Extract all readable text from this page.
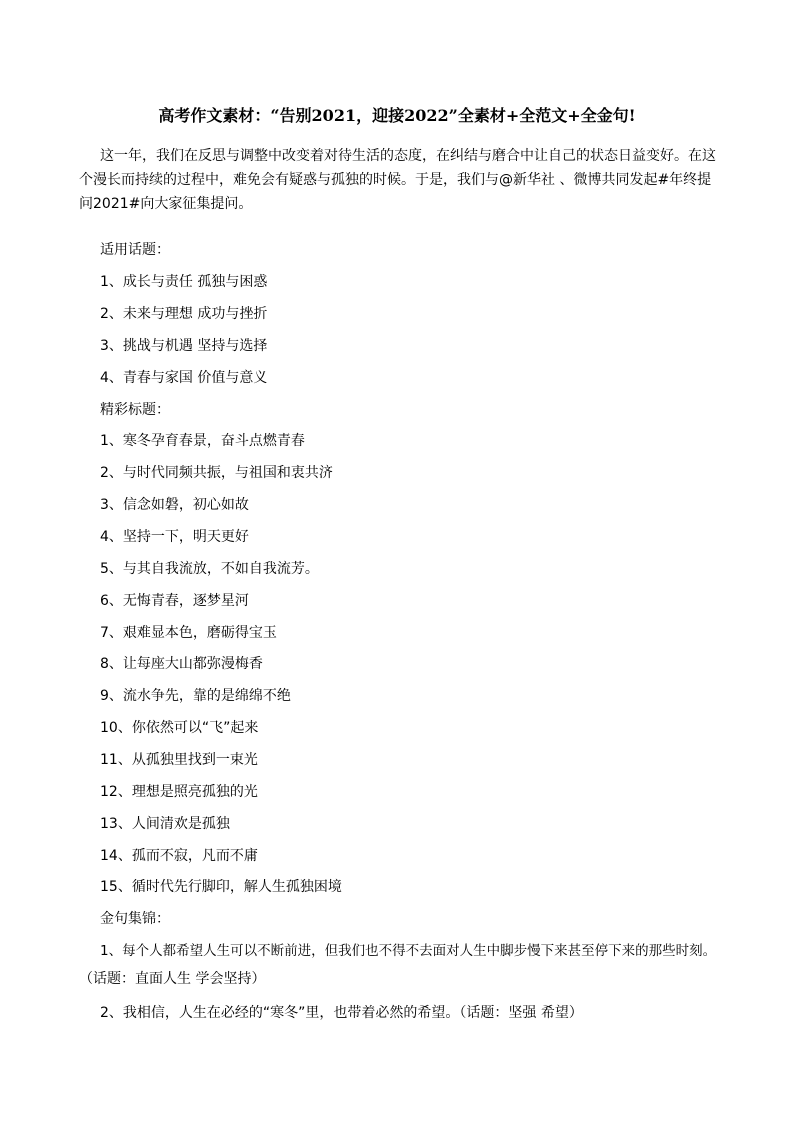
高考作文素材：“告别2021，迎接2022”全素材+全范文+全金句!

这一年，我们在反思与调整中改变着对待生活的态度，在纠结与磨合中让自己的状态日益变好。在这个漫长而持续的过程中，难免会有疑惑与孤独的时候。于是，我们与@新华社 、微博共同发起#年终提问2021#向大家征集提问。

适用话题：
1、成长与责任 孤独与困惑
2、未来与理想 成功与挫折
3、挑战与机遇 坚持与选择
4、青春与家国 价值与意义
精彩标题：
1、寒冬孕育春景，奋斗点燃青春
2、与时代同频共振，与祖国和衷共济
3、信念如磐，初心如故
4、坚持一下，明天更好
5、与其自我流放，不如自我流芳。
6、无悔青春，逐梦星河
7、艰难显本色，磨砺得宝玉
8、让每座大山都弥漫梅香
9、流水争先，靠的是绵绵不绝
10、你依然可以“飞”起来
11、从孤独里找到一束光
12、理想是照亮孤独的光
13、人间清欢是孤独
14、孤而不寂，凡而不庸
15、循时代先行脚印，解人生孤独困境
金句集锦：
1、每个人都希望人生可以不断前进，但我们也不得不去面对人生中脚步慢下来甚至停下来的那些时刻。
（话题：直面人生 学会坚持）
2、我相信，人生在必经的“寒冬”里，也带着必然的希望。（话题：坚强 希望）
